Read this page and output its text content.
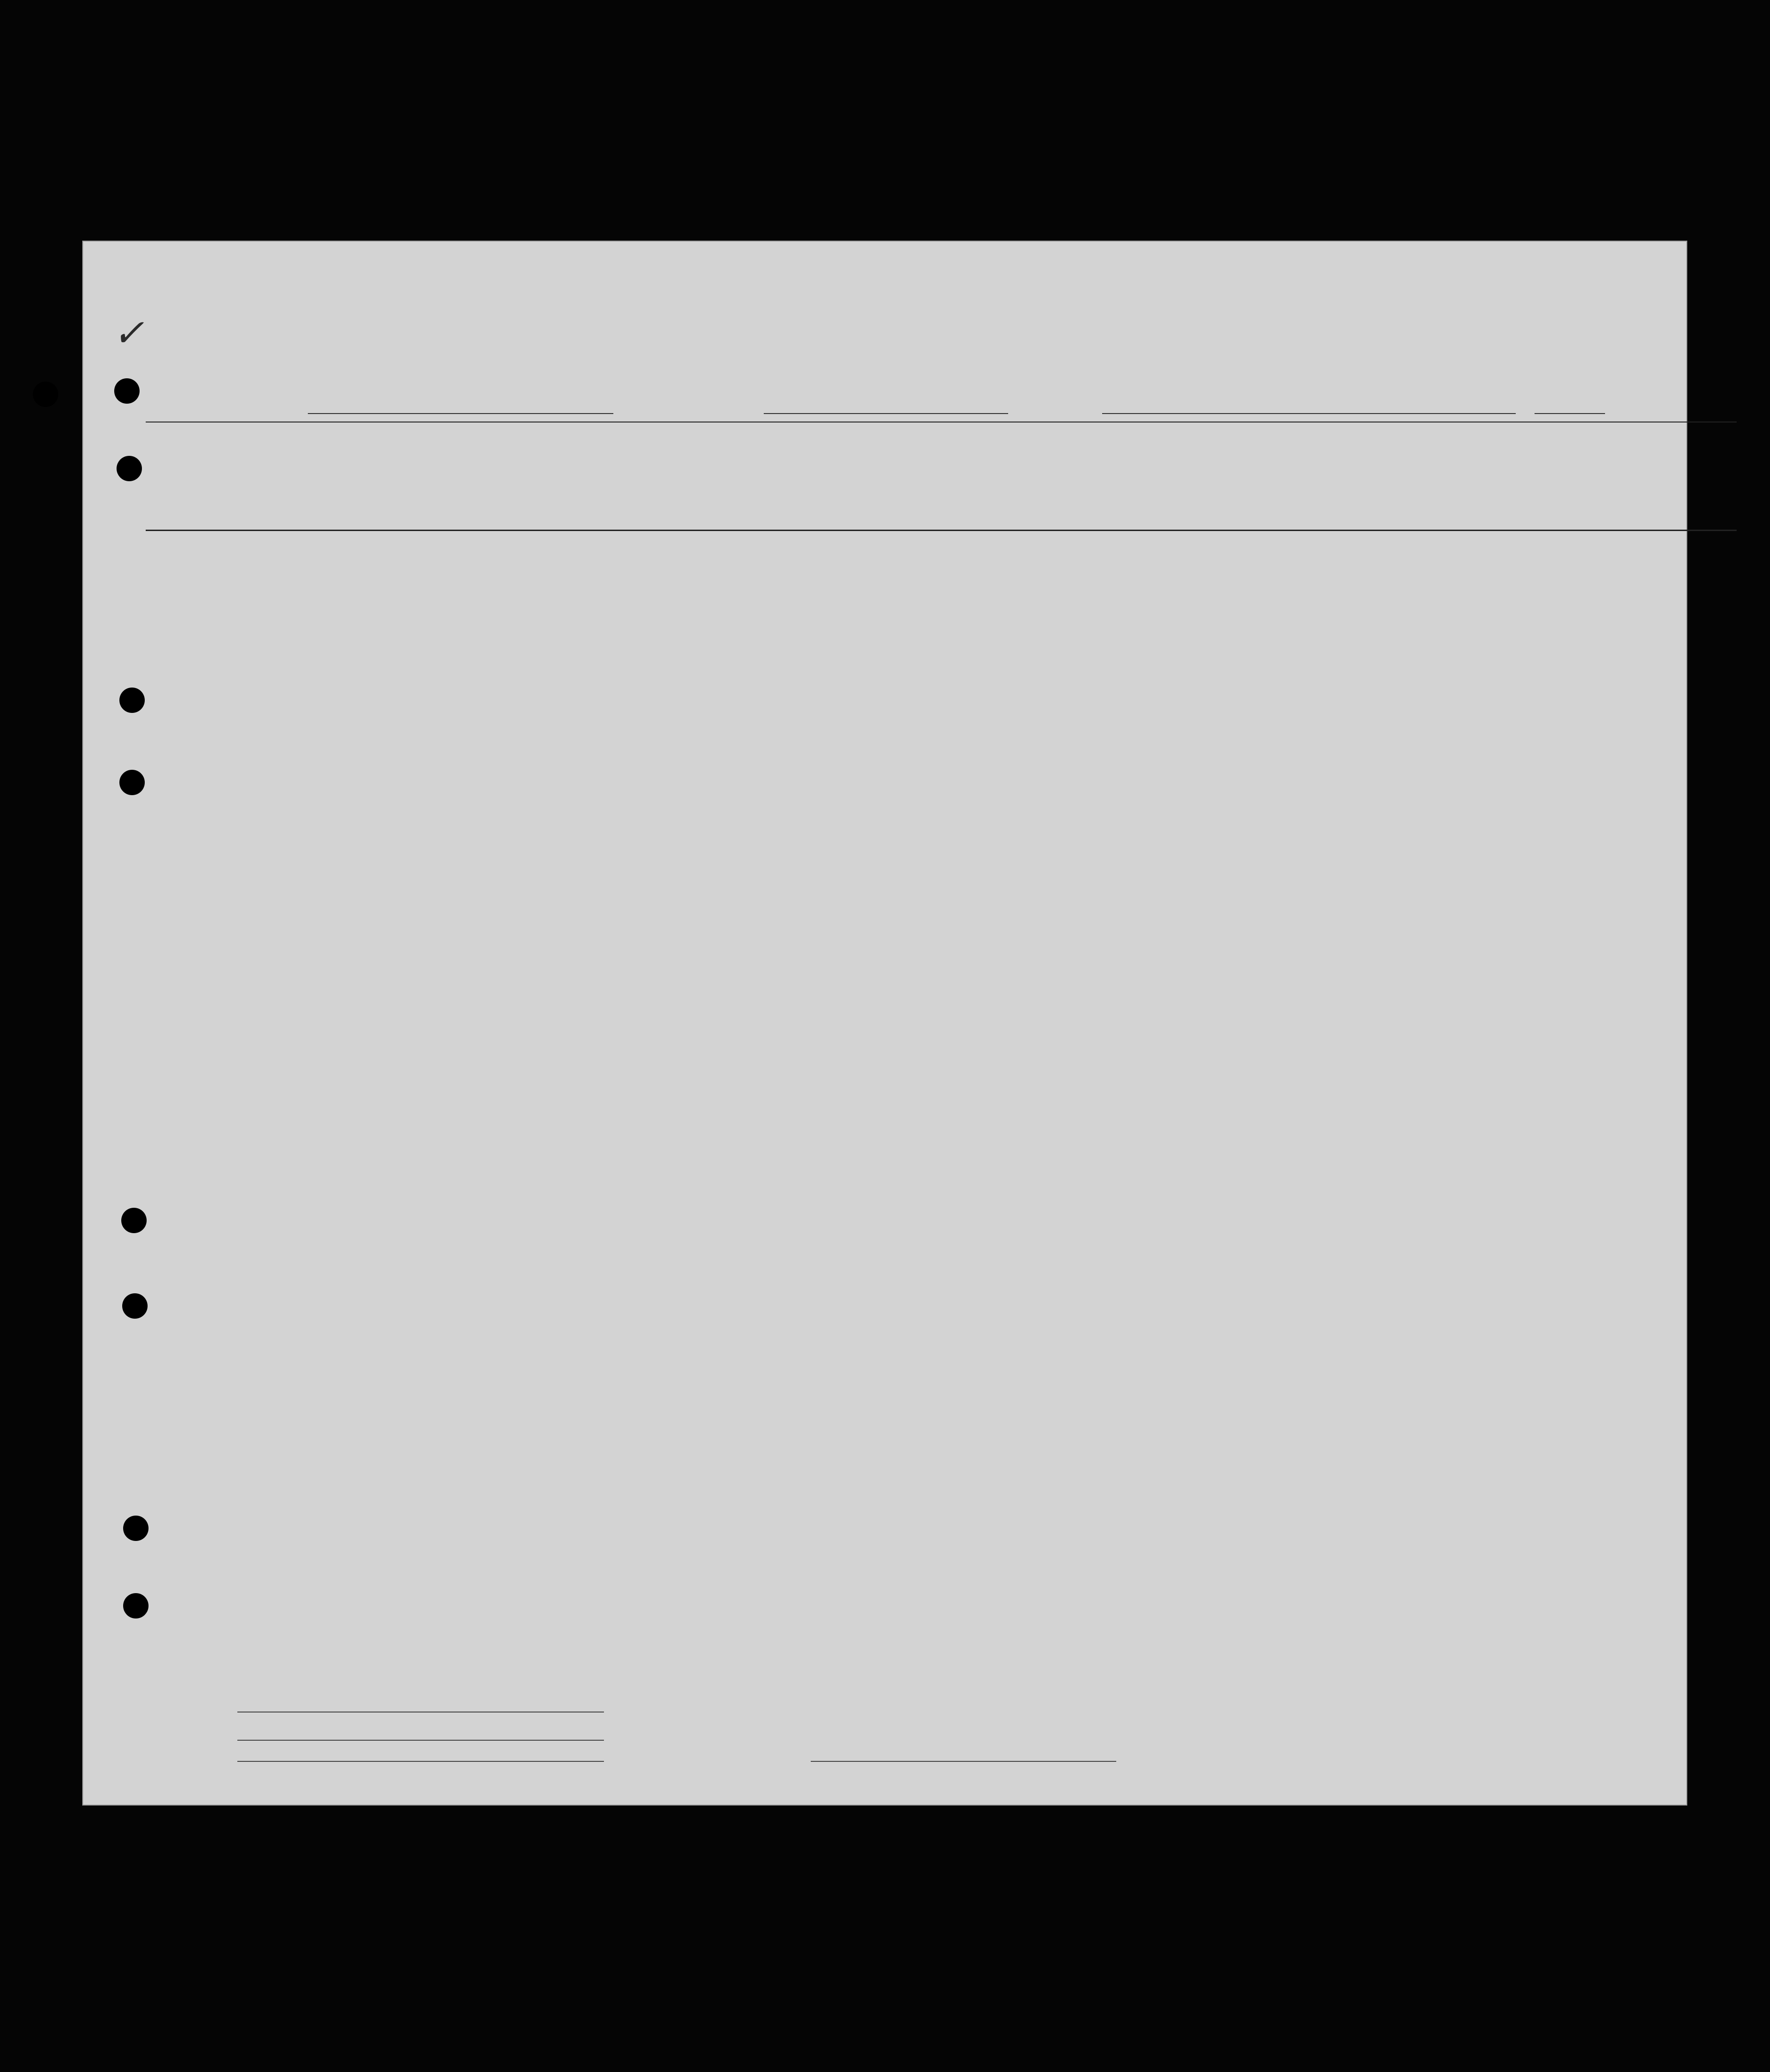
✓
